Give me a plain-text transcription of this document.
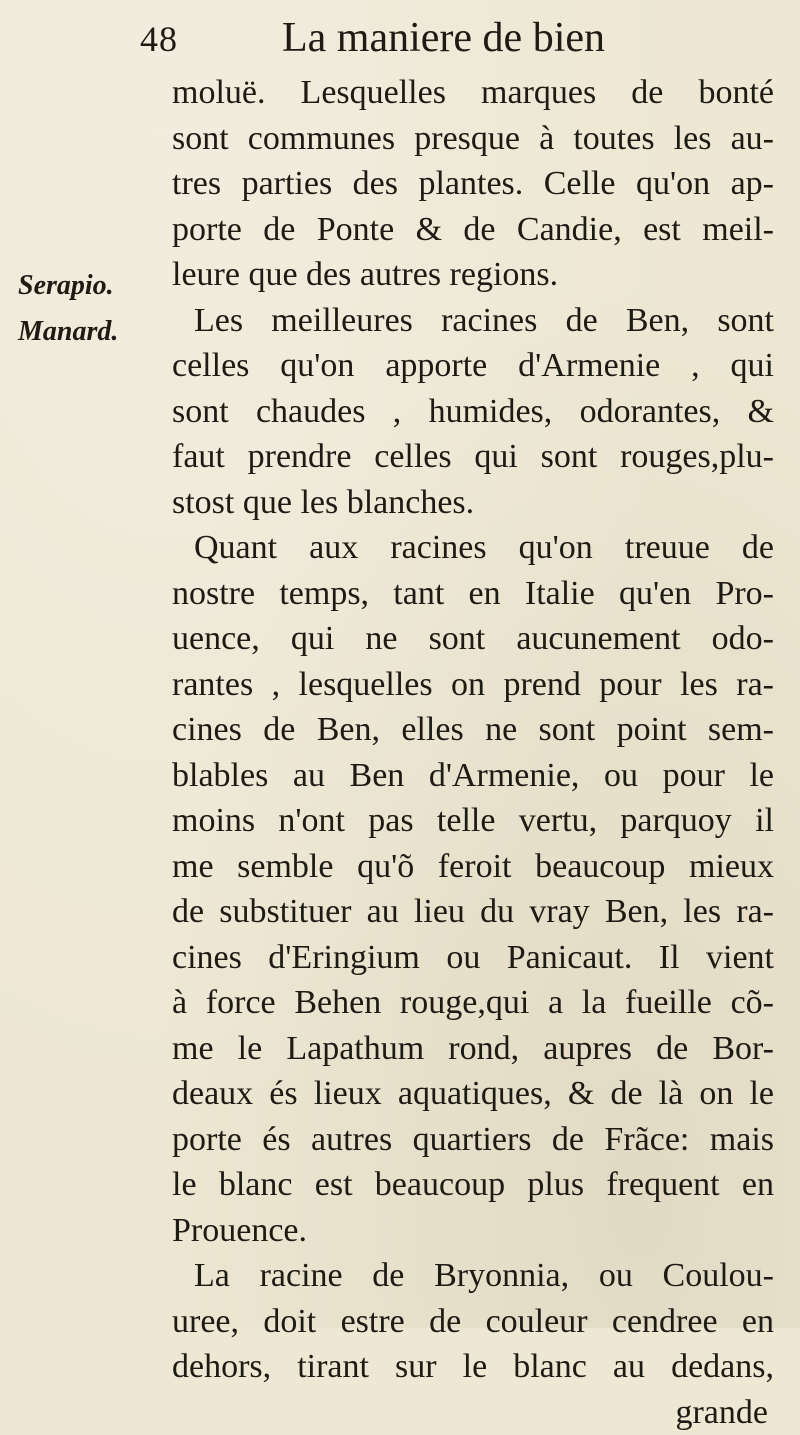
48 La maniere de bien
Serapio.
Manard.
moluë. Lesquelles marques de bonté
sont communes presque à toutes les au-
tres parties des plantes. Celle qu'on ap-
porte de Ponte & de Candie, est meil-
leure que des autres regions.
Les meilleures racines de Ben, sont
celles qu'on apporte d'Armenie , qui
sont chaudes , humides, odorantes, &
faut prendre celles qui sont rouges,plu-
stost que les blanches.
Quant aux racines qu'on treuue de
nostre temps, tant en Italie qu'en Pro-
uence, qui ne sont aucunement odo-
rantes , lesquelles on prend pour les ra-
cines de Ben, elles ne sont point sem-
blables au Ben d'Armenie, ou pour le
moins n'ont pas telle vertu, parquoy il
me semble qu'õ feroit beaucoup mieux
de substituer au lieu du vray Ben, les ra-
cines d'Eringium ou Panicaut. Il vient
à force Behen rouge,qui a la fueille cõ-
me le Lapathum rond, aupres de Bor-
deaux és lieux aquatiques, & de là on le
porte és autres quartiers de Frãce: mais
le blanc est beaucoup plus frequent en
Prouence.
La racine de Bryonnia, ou Coulou-
uree, doit estre de couleur cendree en
dehors, tirant sur le blanc au dedans,
grande
